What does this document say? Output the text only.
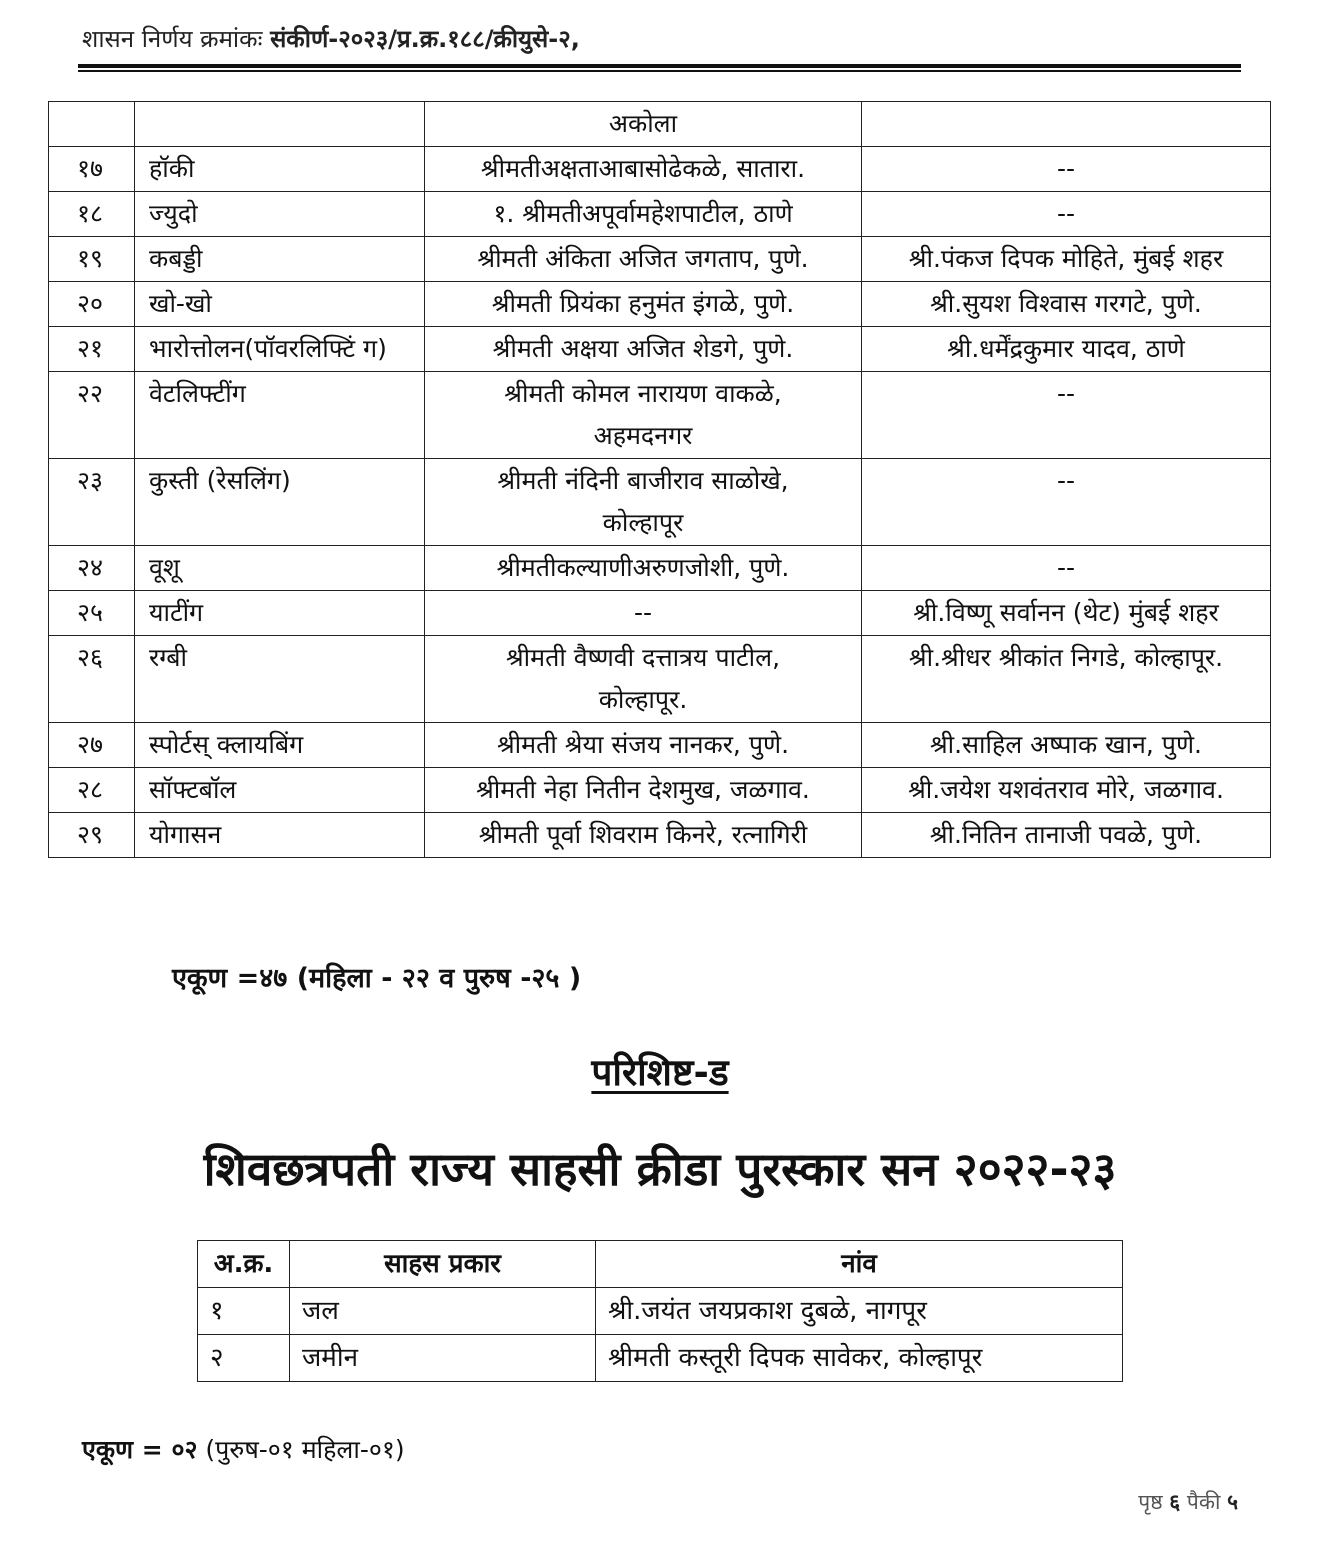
शासन निर्णय क्रमांकः संकीर्ण-२०२३/प्र.क्र.१८८/क्रीयुसे-२,
		अकोला	
१७	हॉकी	श्रीमतीअक्षताआबासोढेकळे, सातारा.	--
१८	ज्युदो	१. श्रीमतीअपूर्वामहेशपाटील, ठाणे	--
१९	कबड्डी	श्रीमती अंकिता अजित जगताप, पुणे.	श्री.पंकज दिपक मोहिते, मुंबई शहर
२०	खो-खो	श्रीमती प्रियंका हनुमंत इंगळे, पुणे.	श्री.सुयश विश्वास गरगटे, पुणे.
२१	भारोत्तोलन(पॉवरलिफ्टिं ग)	श्रीमती अक्षया अजित शेडगे, पुणे.	श्री.धर्मेंद्रकुमार यादव, ठाणे
२२	वेटलिफ्टींग	श्रीमती कोमल नारायण वाकळे, अहमदनगर	--
२३	कुस्ती (रेसलिंग)	श्रीमती नंदिनी बाजीराव साळोखे, कोल्हापूर	--
२४	वूशू	श्रीमतीकल्याणीअरुणजोशी, पुणे.	--
२५	याटींग	--	श्री.विष्णू सर्वानन (थेट) मुंबई शहर
२६	रग्बी	श्रीमती वैष्णवी दत्तात्रय पाटील, कोल्हापूर.	श्री.श्रीधर श्रीकांत निगडे, कोल्हापूर.
२७	स्पोर्टस् क्लायबिंग	श्रीमती श्रेया संजय नानकर, पुणे.	श्री.साहिल अष्पाक खान, पुणे.
२८	सॉफ्टबॉल	श्रीमती नेहा नितीन देशमुख, जळगाव.	श्री.जयेश यशवंतराव मोरे, जळगाव.
२९	योगासन	श्रीमती पूर्वा शिवराम किनरे, रत्नागिरी	श्री.नितिन तानाजी पवळे, पुणे.
एकूण =४७ (महिला - २२ व पुरुष -२५ )
परिशिष्ट-ड
शिवछत्रपती राज्य साहसी क्रीडा पुरस्कार सन २०२२-२३
अ.क्र.	साहस प्रकार	नांव
१	जल	श्री.जयंत जयप्रकाश दुबळे, नागपूर
२	जमीन	श्रीमती कस्तूरी दिपक सावेकर, कोल्हापूर
एकूण = ०२ (पुरुष-०१ महिला-०१)
पृष्ठ ६ पैकी ५
